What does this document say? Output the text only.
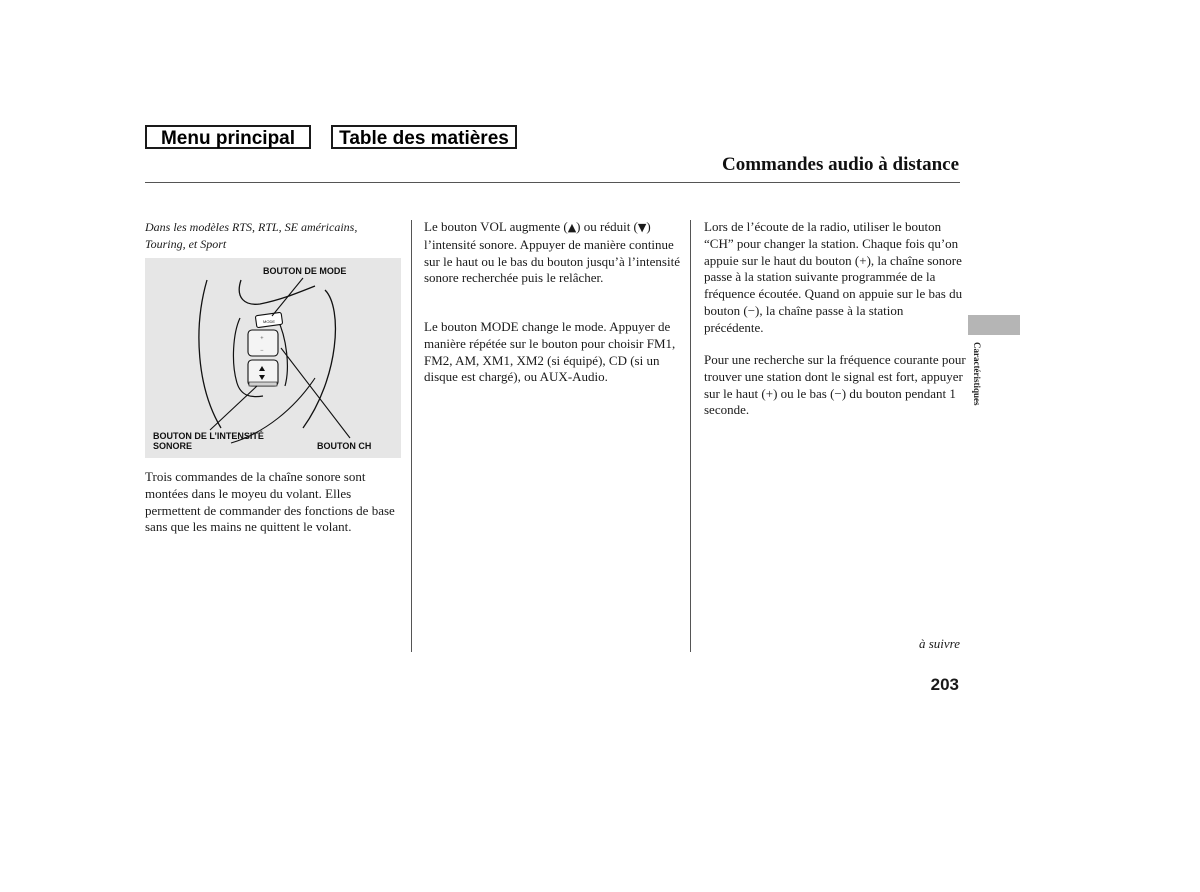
Menu principal	Table des matières
Commandes audio à distance
Dans les modèles RTS, RTL, SE américains, Touring, et Sport
MODE
+
−
BOUTON DE MODE
BOUTON DE L’INTENSITÉ
SONORE	BOUTON CH

Trois commandes de la chaîne sonore sont montées dans le moyeu du volant. Elles permettent de commander des fonctions de base sans que les mains ne quittent le volant.

Le bouton VOL augmente (▲) ou réduit (▼) l’intensité sonore. Appuyer de manière continue sur le haut ou le bas du bouton jusqu’à l’intensité sonore recherchée puis le relâcher.

Le bouton MODE change le mode. Appuyer de manière répétée sur le bouton pour choisir FM1, FM2, AM, XM1, XM2 (si équipé), CD (si un disque est chargé), ou AUX-Audio.

Lors de l’écoute de la radio, utiliser le bouton “CH” pour changer la station. Chaque fois qu’on appuie sur le haut du bouton (+), la chaîne sonore passe à la station suivante programmée de la fréquence écoutée. Quand on appuie sur le bas du bouton (−), la chaîne passe à la station précédente.

Pour une recherche sur la fréquence courante pour trouver une station dont le signal est fort, appuyer sur le haut (+) ou le bas (−) du bouton pendant 1 seconde.

Caractéristiques
à suivre
203
